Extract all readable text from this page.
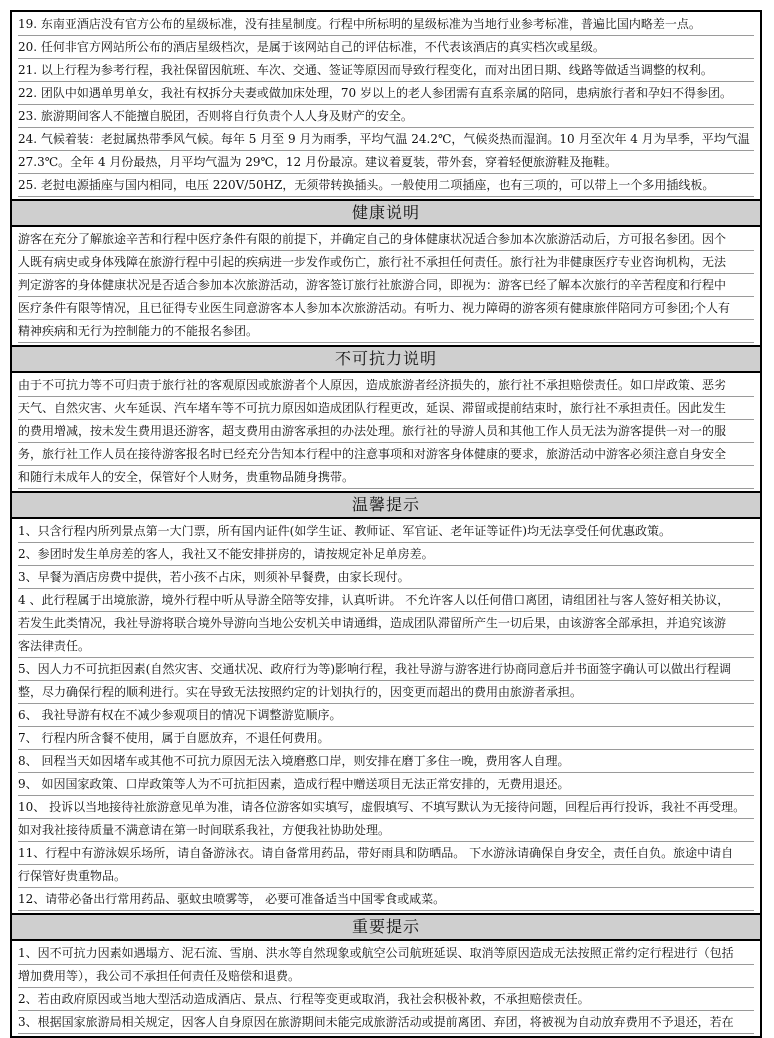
19. 东南亚酒店没有官方公布的星级标准，没有挂星制度。行程中所标明的星级标准为当地行业参考标准，普遍比国内略差一点。
20. 任何非官方网站所公布的酒店星级档次，是属于该网站自己的评估标准，不代表该酒店的真实档次或星级。
21. 以上行程为参考行程，我社保留因航班、车次、交通、签证等原因而导致行程变化，而对出团日期、线路等做适当调整的权利。
22. 团队中如遇单男单女，我社有权拆分夫妻或做加床处理，70 岁以上的老人参团需有直系亲属的陪同，患病旅行者和孕妇不得参团。
23. 旅游期间客人不能擅自脱团，否则将自行负责个人人身及财产的安全。
24. 气候着装：老挝属热带季风气候。每年 5 月至 9 月为雨季，平均气温 24.2℃，气候炎热而湿润。10 月至次年 4 月为旱季，平均气温
27.3℃。全年 4 月份最热，月平均气温为 29℃，12 月份最凉。建议着夏装，带外套，穿着轻便旅游鞋及拖鞋。
25. 老挝电源插座与国内相同，电压 220V/50HZ，无须带转换插头。一般使用二项插座，也有三项的，可以带上一个多用插线板。
健康说明
游客在充分了解旅途辛苦和行程中医疗条件有限的前提下，并确定自己的身体健康状况适合参加本次旅游活动后，方可报名参团。因个
人既有病史或身体残障在旅游行程中引起的疾病进一步发作或伤亡，旅行社不承担任何责任。旅行社为非健康医疗专业咨询机构，无法
判定游客的身体健康状况是否适合参加本次旅游活动，游客签订旅行社旅游合同，即视为：游客已经了解本次旅行的辛苦程度和行程中
医疗条件有限等情况，且已征得专业医生同意游客本人参加本次旅游活动。有听力、视力障碍的游客须有健康旅伴陪同方可参团;个人有
精神疾病和无行为控制能力的不能报名参团。
不可抗力说明
由于不可抗力等不可归责于旅行社的客观原因或旅游者个人原因，造成旅游者经济损失的，旅行社不承担赔偿责任。如口岸政策、恶劣
天气、自然灾害、火车延误、汽车堵车等不可抗力原因如造成团队行程更改，延误、滞留或提前结束时，旅行社不承担责任。因此发生
的费用增减，按未发生费用退还游客，超支费用由游客承担的办法处理。旅行社的导游人员和其他工作人员无法为游客提供一对一的服
务，旅行社工作人员在接待游客报名时已经充分告知本行程中的注意事项和对游客身体健康的要求，旅游活动中游客必须注意自身安全
和随行未成年人的安全，保管好个人财务，贵重物品随身携带。
温馨提示
1、只含行程内所列景点第一大门票，所有国内证件(如学生证、教师证、军官证、老年证等证件)均无法享受任何优惠政策。
2、参团时发生单房差的客人，我社又不能安排拼房的，请按规定补足单房差。
3、早餐为酒店房费中提供，若小孩不占床，则须补早餐费，由家长现付。
4 、此行程属于出境旅游，境外行程中听从导游全陪等安排，认真听讲。 不允许客人以任何借口离团，请组团社与客人签好相关协议，
若发生此类情况，我社导游将联合境外导游向当地公安机关申请通缉，造成团队滞留所产生一切后果，由该游客全部承担，并追究该游
客法律责任。
5、因人力不可抗拒因素(自然灾害、交通状况、政府行为等)影响行程，我社导游与游客进行协商同意后并书面签字确认可以做出行程调
整，尽力确保行程的顺利进行。实在导致无法按照约定的计划执行的，因变更而超出的费用由旅游者承担。
6、 我社导游有权在不减少参观项目的情况下调整游览顺序。
7、 行程内所含餐不使用，属于自愿放弃，不退任何费用。
8、 回程当天如因堵车或其他不可抗力原因无法入境磨憨口岸，则安排在磨丁多住一晚，费用客人自理。
9、 如因国家政策、口岸政策等人为不可抗拒因素，造成行程中赠送项目无法正常安排的，无费用退还。
10、 投诉以当地接待社旅游意见单为准，请各位游客如实填写，虚假填写、不填写默认为无接待问题，回程后再行投诉，我社不再受理。
如对我社接待质量不满意请在第一时间联系我社，方便我社协助处理。
11、行程中有游泳娱乐场所，请自备游泳衣。请自备常用药品，带好雨具和防晒品。 下水游泳请确保自身安全，责任自负。旅途中请自
行保管好贵重物品。
12、请带必备出行常用药品、驱蚊虫喷雾等， 必要可准备适当中国零食或咸菜。
重要提示
1、因不可抗力因素如遇塌方、泥石流、雪崩、洪水等自然现象或航空公司航班延误、取消等原因造成无法按照正常约定行程进行（包括
增加费用等），我公司不承担任何责任及赔偿和退费。
2、若由政府原因或当地大型活动造成酒店、景点、行程等变更或取消，我社会积极补救，不承担赔偿责任。
3、根据国家旅游局相关规定，因客人自身原因在旅游期间未能完成旅游活动或提前离团、弃团，将被视为自动放弃费用不予退还，若在
